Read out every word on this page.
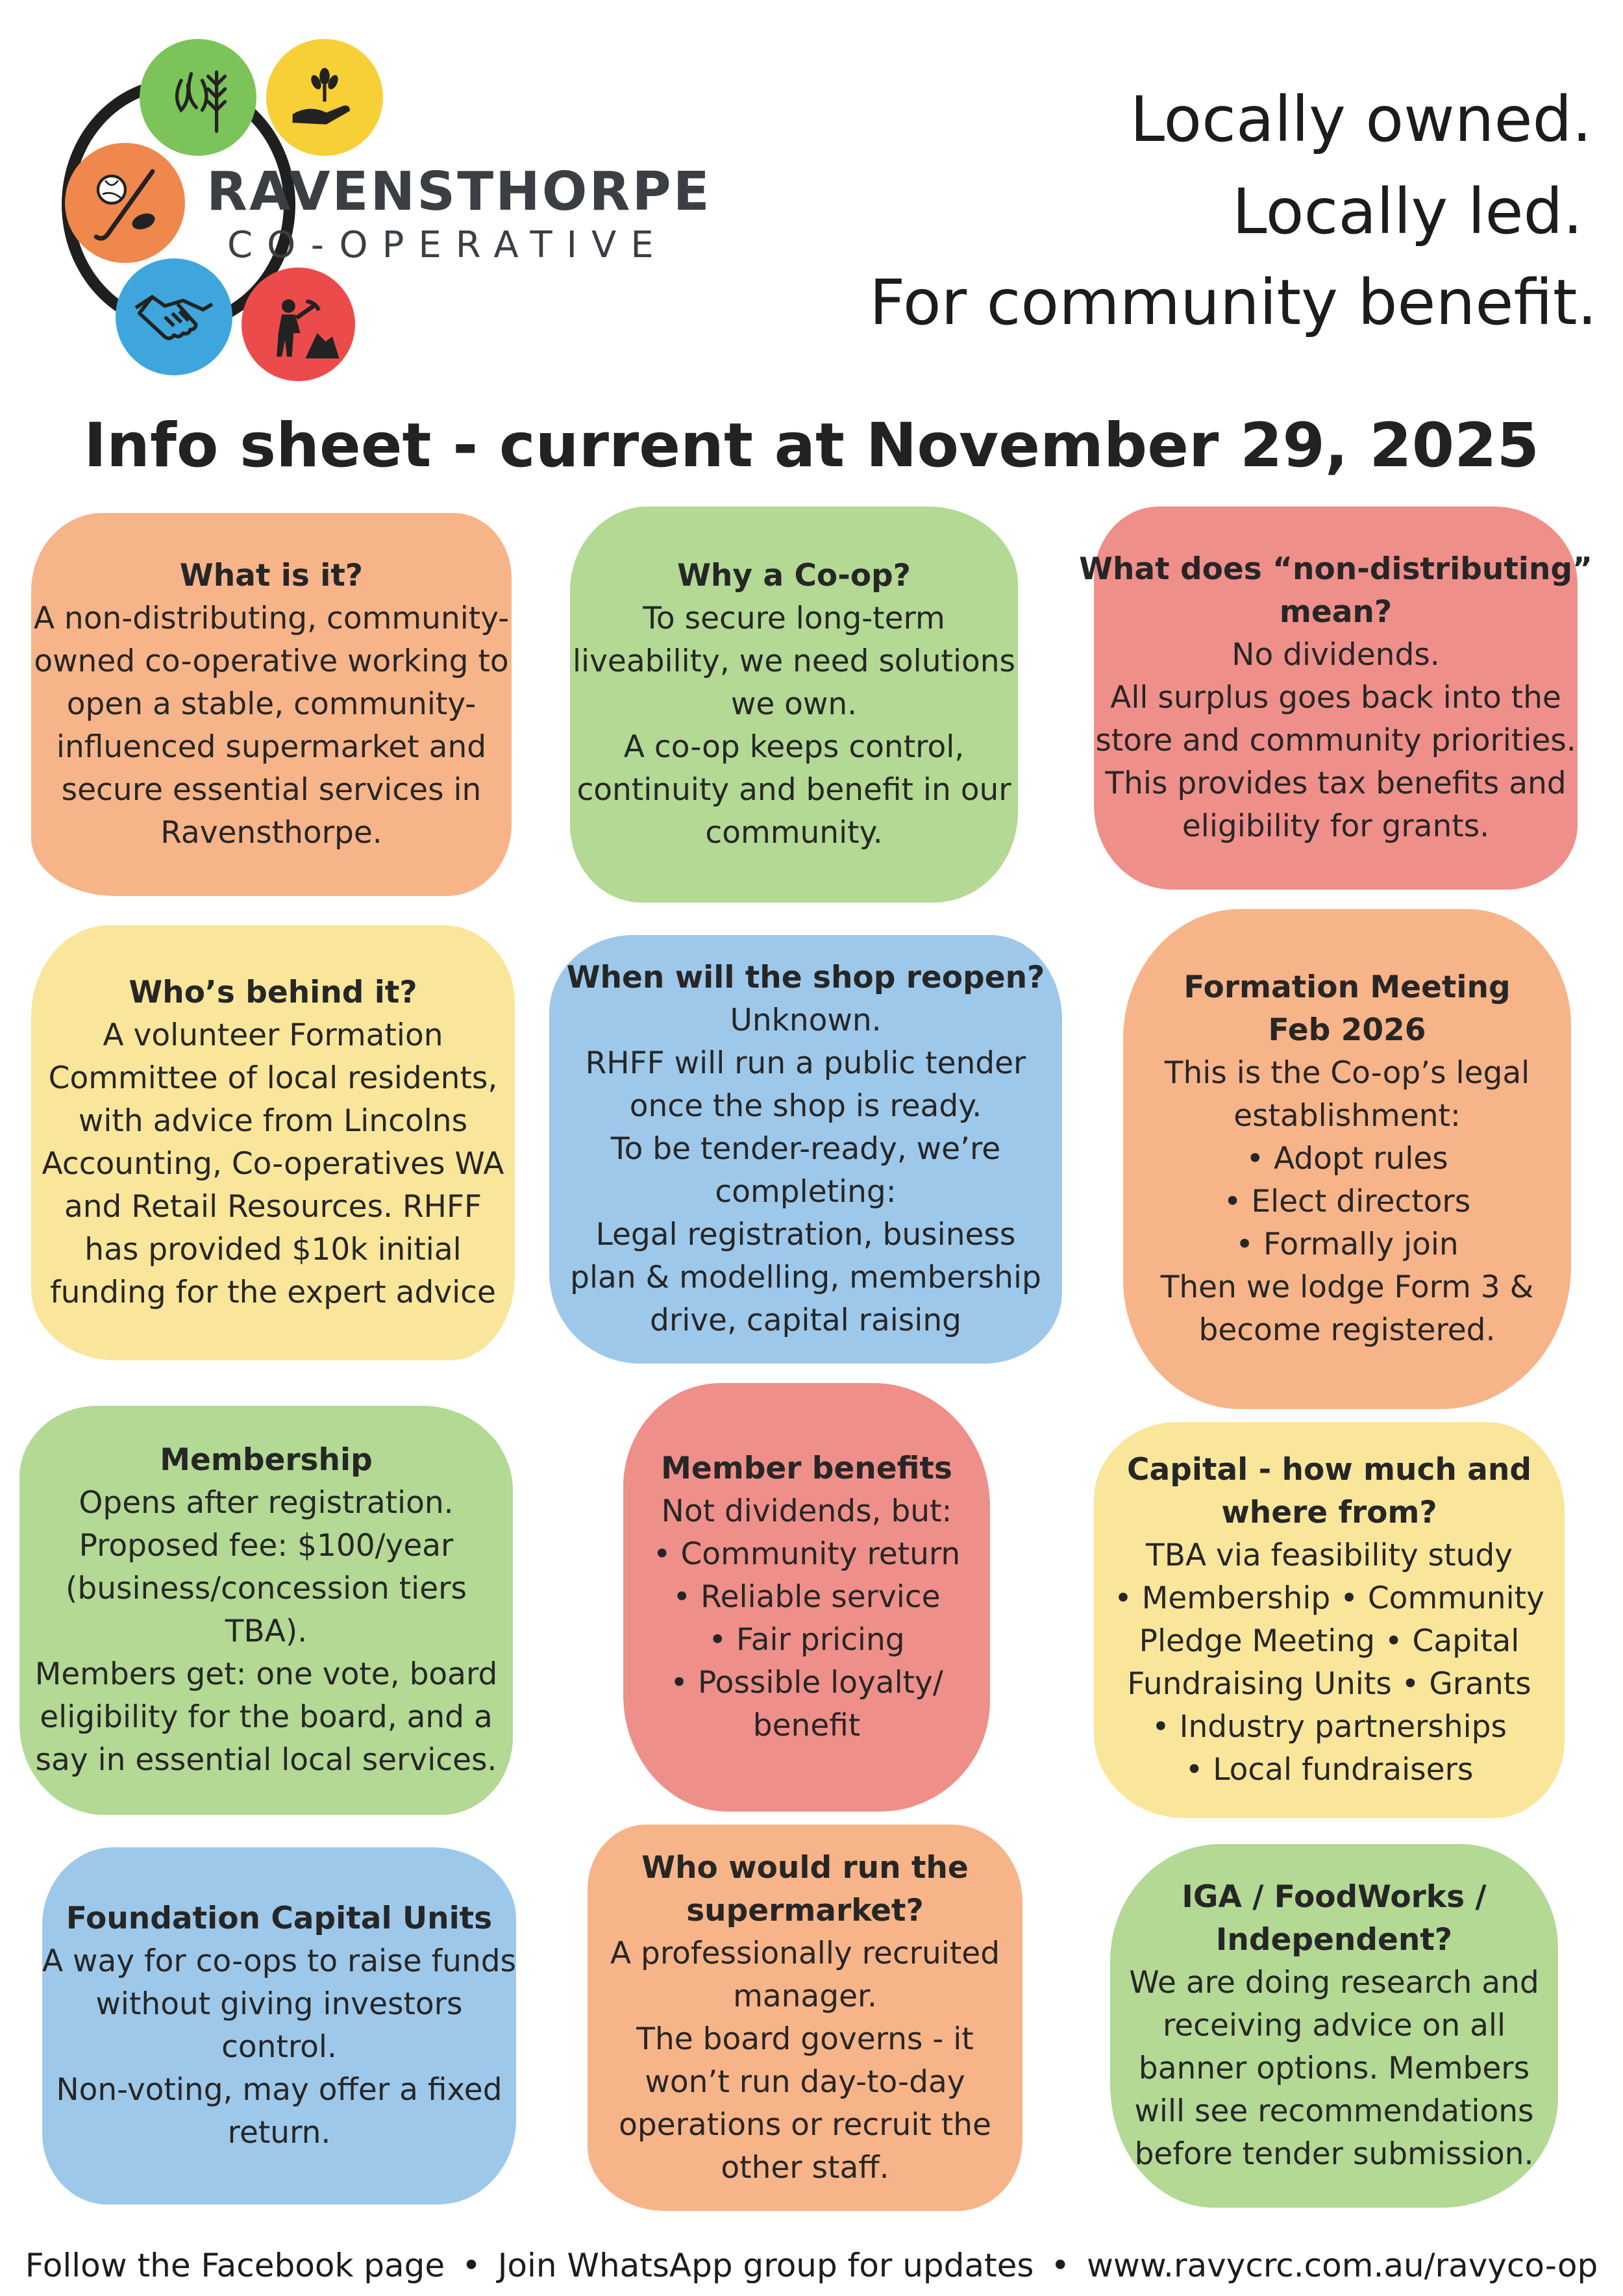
RAVENSTHORPE
CO-OPERATIVE
Locally owned.
Locally led.
For community benefit.
Info sheet - current at November 29, 2025
What is it?
A non-distributing, community-
owned co-operative working to
open a stable, community-
influenced supermarket and
secure essential services in
Ravensthorpe.
Why a Co-op?
To secure long-term
liveability, we need solutions
we own.
A co-op keeps control,
continuity and benefit in our
community.
What does “non-distributing”
mean?
No dividends.
All surplus goes back into the
store and community priorities.
This provides tax benefits and
eligibility for grants.
Who’s behind it?
A volunteer Formation
Committee of local residents,
with advice from Lincolns
Accounting, Co-operatives WA
and Retail Resources. RHFF
has provided $10k initial
funding for the expert advice
When will the shop reopen?
Unknown.
RHFF will run a public tender
once the shop is ready.
To be tender-ready, we’re
completing:
Legal registration, business
plan & modelling, membership
drive, capital raising
Formation Meeting
Feb 2026
This is the Co-op’s legal
establishment:
• Adopt rules
• Elect directors
• Formally join
Then we lodge Form 3 &
become registered.
Membership
Opens after registration.
Proposed fee: $100/year
(business/concession tiers
TBA).
Members get: one vote, board
eligibility for the board, and a
say in essential local services.
Member benefits
Not dividends, but:
• Community return
• Reliable service
• Fair pricing
• Possible loyalty/
benefit
Capital - how much and
where from?
TBA via feasibility study
• Membership • Community
Pledge Meeting • Capital
Fundraising Units • Grants
• Industry partnerships
• Local fundraisers
Foundation Capital Units
A way for co-ops to raise funds
without giving investors
control.
Non-voting, may offer a fixed
return.
Who would run the
supermarket?
A professionally recruited
manager.
The board governs - it
won’t run day-to-day
operations or recruit the
other staff.
IGA / FoodWorks /
Independent?
We are doing research and
receiving advice on all
banner options. Members
will see recommendations
before tender submission.
Follow the Facebook page • Join WhatsApp group for updates • www.ravycrc.com.au/ravyco-op
